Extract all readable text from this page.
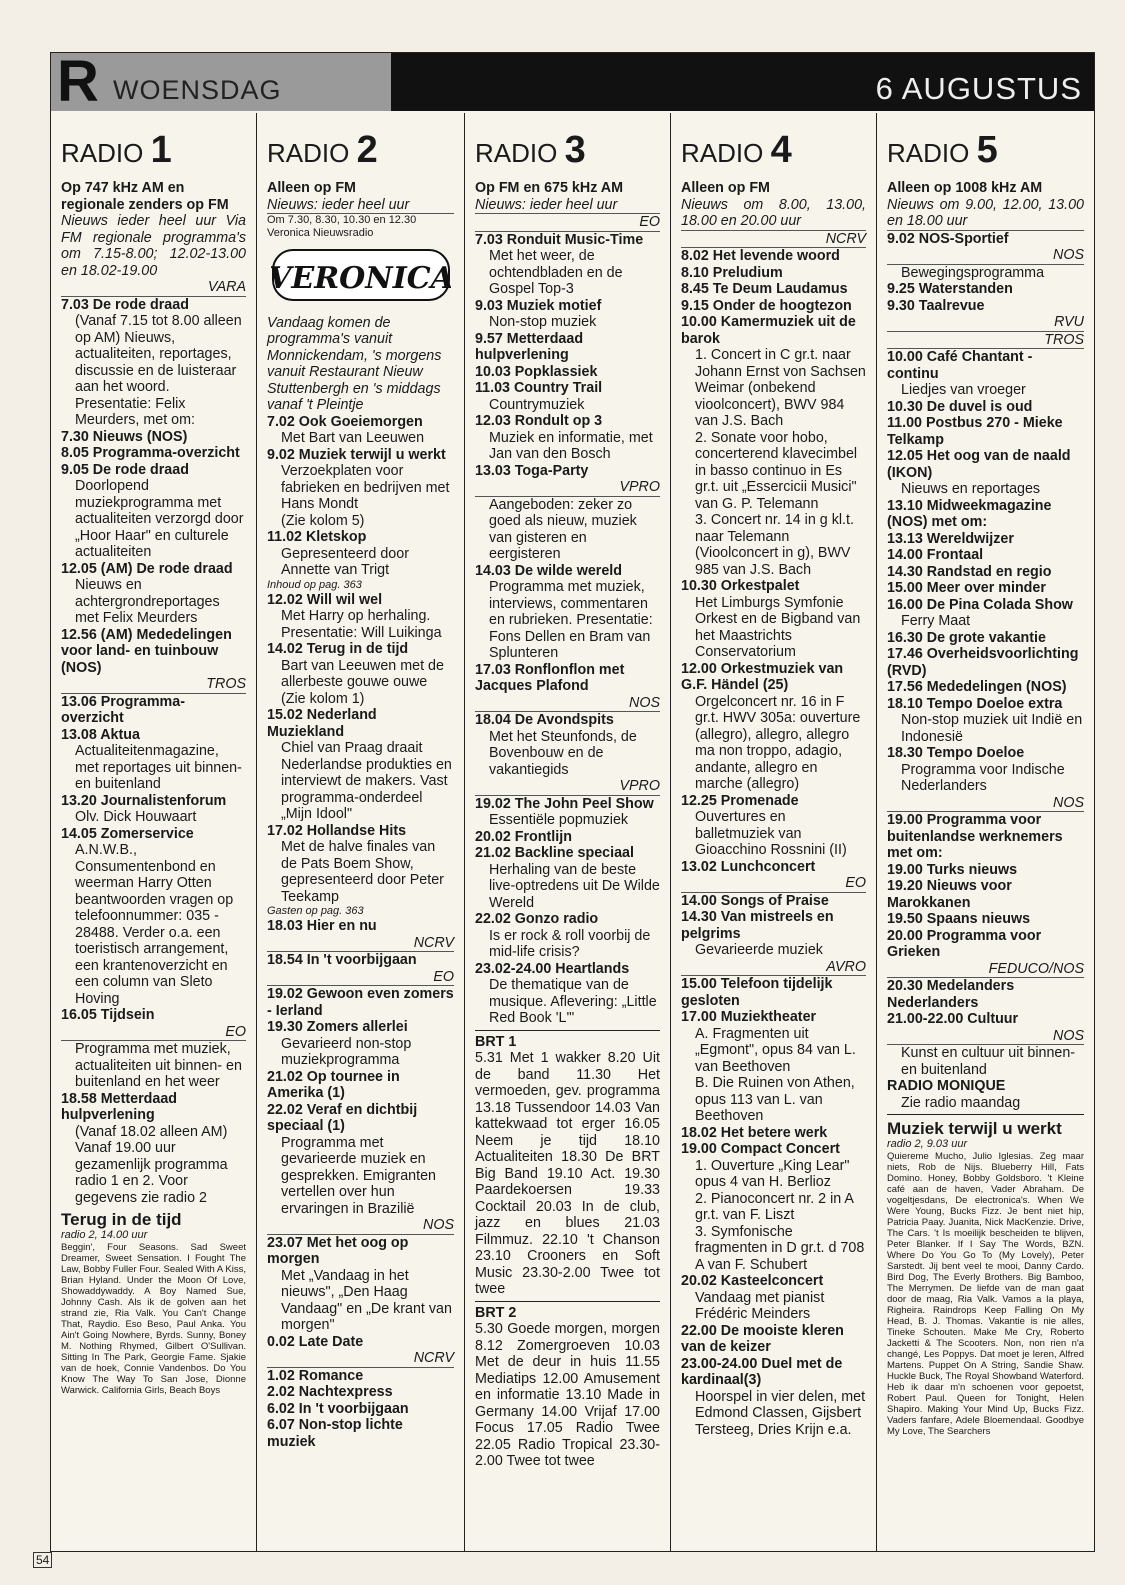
R WOENSDAG	6 AUGUSTUS
RADIO 1
Op 747 kHz AM en regionale zenders op FM
Nieuws ieder heel uur Via FM regionale programma's om 7.15-8.00; 12.02-13.00 en 18.02-19.00
VARA
7.03 De rode draad
(Vanaf 7.15 tot 8.00 alleen op AM) Nieuws, actualiteiten, reportages, discussie en de luisteraar aan het woord. Presentatie: Felix Meurders, met om:
7.30 Nieuws (NOS)
8.05 Programma-overzicht
9.05 De rode draad
Doorlopend muziekprogramma met actualiteiten verzorgd door „Hoor Haar" en culturele actualiteiten
12.05 (AM) De rode draad
Nieuws en achtergrondreportages met Felix Meurders
12.56 (AM) Mededelingen voor land- en tuinbouw (NOS)
TROS
13.06 Programma-overzicht
13.08 Aktua
Actualiteitenmagazine, met reportages uit binnen- en buitenland
13.20 Journalistenforum
Olv. Dick Houwaart
14.05 Zomerservice
A.N.W.B., Consumentenbond en weerman Harry Otten beantwoorden vragen op telefoonnummer: 035 - 28488. Verder o.a. een toeristisch arrangement, een krantenoverzicht en een column van Sleto Hoving
16.05 Tijdsein
EO
Programma met muziek, actualiteiten uit binnen- en buitenland en het weer
18.58 Metterdaad hulpverlening
(Vanaf 18.02 alleen AM)
Vanaf 19.00 uur gezamenlijk programma radio 1 en 2. Voor gegevens zie radio 2
Terug in de tijd
radio 2, 14.00 uur
Beggin', Four Seasons. Sad Sweet Dreamer, Sweet Sensation. I Fought The Law, Bobby Fuller Four. Sealed With A Kiss, Brian Hyland. Under the Moon Of Love, Showaddywaddy. A Boy Named Sue, Johnny Cash. Als ik de golven aan het strand zie, Ria Valk. You Can't Change That, Raydio. Eso Beso, Paul Anka. You Ain't Going Nowhere, Byrds. Sunny, Boney M. Nothing Rhymed, Gilbert O'Sullivan. Sitting In The Park, Georgie Fame. Sjakie van de hoek, Connie Vandenbos. Do You Know The Way To San Jose, Dionne Warwick. California Girls, Beach Boys
RADIO 2
Alleen op FM
Nieuws: ieder heel uur
Om 7.30, 8.30, 10.30 en 12.30 Veronica Nieuwsradio
VERONICA
Vandaag komen de programma's vanuit Monnickendam, 's morgens vanuit Restaurant Nieuw Stuttenbergh en 's middags vanaf 't Pleintje
7.02 Ook Goeiemorgen
Met Bart van Leeuwen
9.02 Muziek terwijl u werkt
Verzoekplaten voor fabrieken en bedrijven met Hans Mondt
(Zie kolom 5)
11.02 Kletskop
Gepresenteerd door Annette van Trigt
Inhoud op pag. 363
12.02 Will wil wel
Met Harry op herhaling. Presentatie: Will Luikinga
14.02 Terug in de tijd
Bart van Leeuwen met de allerbeste gouwe ouwe
(Zie kolom 1)
15.02 Nederland Muziekland
Chiel van Praag draait Nederlandse produkties en interviewt de makers. Vast programma-onderdeel „Mijn Idool"
17.02 Hollandse Hits
Met de halve finales van de Pats Boem Show, gepresenteerd door Peter Teekamp
Gasten op pag. 363
18.03 Hier en nu
NCRV
18.54 In 't voorbijgaan
EO
19.02 Gewoon even zomers - Ierland
19.30 Zomers allerlei
Gevarieerd non-stop muziekprogramma
21.02 Op tournee in Amerika (1)
22.02 Veraf en dichtbij speciaal (1)
Programma met gevarieerde muziek en gesprekken. Emigranten vertellen over hun ervaringen in Brazilië
NOS
23.07 Met het oog op morgen
Met „Vandaag in het nieuws", „Den Haag Vandaag" en „De krant van morgen"
0.02 Late Date
NCRV
1.02 Romance
2.02 Nachtexpress
6.02 In 't voorbijgaan
6.07 Non-stop lichte muziek
RADIO 3
Op FM en 675 kHz AM
Nieuws: ieder heel uur
EO
7.03 Ronduit Music-Time
Met het weer, de ochtendbladen en de Gospel Top-3
9.03 Muziek motief
Non-stop muziek
9.57 Metterdaad hulpverlening
10.03 Popklassiek
11.03 Country Trail
Countrymuziek
12.03 Rondult op 3
Muziek en informatie, met Jan van den Bosch
13.03 Toga-Party
VPRO
Aangeboden: zeker zo goed als nieuw, muziek van gisteren en eergisteren
14.03 De wilde wereld
Programma met muziek, interviews, commentaren en rubrieken. Presentatie: Fons Dellen en Bram van Splunteren
17.03 Ronflonflon met Jacques Plafond
NOS
18.04 De Avondspits
Met het Steunfonds, de Bovenbouw en de vakantiegids
VPRO
19.02 The John Peel Show
Essentiële popmuziek
20.02 Frontlijn
21.02 Backline speciaal
Herhaling van de beste live-optredens uit De Wilde Wereld
22.02 Gonzo radio
Is er rock & roll voorbij de mid-life crisis?
23.02-24.00 Heartlands
De thematique van de musique. Aflevering: „Little Red Book 'L'"
BRT 1
5.31 Met 1 wakker 8.20 Uit de band 11.30 Het vermoeden, gev. programma 13.18 Tussendoor 14.03 Van kattekwaad tot erger 16.05 Neem je tijd 18.10 Actualiteiten 18.30 De BRT Big Band 19.10 Act. 19.30 Paardekoersen 19.33 Cocktail 20.03 In de club, jazz en blues 21.03 Filmmuz. 22.10 't Chanson 23.10 Crooners en Soft Music 23.30-2.00 Twee tot twee
BRT 2
5.30 Goede morgen, morgen 8.12 Zomergroeven 10.03 Met de deur in huis 11.55 Mediatips 12.00 Amusement en informatie 13.10 Made in Germany 14.00 Vrijaf 17.00 Focus 17.05 Radio Twee 22.05 Radio Tropical 23.30-2.00 Twee tot twee
RADIO 4
Alleen op FM
Nieuws om 8.00, 13.00, 18.00 en 20.00 uur
NCRV
8.02 Het levende woord
8.10 Preludium
8.45 Te Deum Laudamus
9.15 Onder de hoogtezon
10.00 Kamermuziek uit de barok
1. Concert in C gr.t. naar Johann Ernst von Sachsen Weimar (onbekend vioolconcert), BWV 984 van J.S. Bach
2. Sonate voor hobo, concerterend klavecimbel in basso continuo in Es gr.t. uit „Essercicii Musici" van G. P. Telemann
3. Concert nr. 14 in g kl.t. naar Telemann (Vioolconcert in g), BWV 985 van J.S. Bach
10.30 Orkestpalet
Het Limburgs Symfonie Orkest en de Bigband van het Maastrichts Conservatorium
12.00 Orkestmuziek van G.F. Händel (25)
Orgelconcert nr. 16 in F gr.t. HWV 305a: ouverture (allegro), allegro, allegro ma non troppo, adagio, andante, allegro en marche (allegro)
12.25 Promenade
Ouvertures en balletmuziek van Gioacchino Rossnini (II)
13.02 Lunchconcert
EO
14.00 Songs of Praise
14.30 Van mistreels en pelgrims
Gevarieerde muziek
AVRO
15.00 Telefoon tijdelijk gesloten
17.00 Muziektheater
A. Fragmenten uit „Egmont", opus 84 van L. van Beethoven
B. Die Ruinen von Athen, opus 113 van L. van Beethoven
18.02 Het betere werk
19.00 Compact Concert
1. Ouverture „King Lear" opus 4 van H. Berlioz
2. Pianoconcert nr. 2 in A gr.t. van F. Liszt
3. Symfonische fragmenten in D gr.t. d 708 A van F. Schubert
20.02 Kasteelconcert
Vandaag met pianist Frédéric Meinders
22.00 De mooiste kleren van de keizer
23.00-24.00 Duel met de kardinaal(3)
Hoorspel in vier delen, met Edmond Classen, Gijsbert Tersteeg, Dries Krijn e.a.
RADIO 5
Alleen op 1008 kHz AM
Nieuws om 9.00, 12.00, 13.00 en 18.00 uur
9.02 NOS-Sportief
NOS
Bewegingsprogramma
9.25 Waterstanden
9.30 Taalrevue
RVU
TROS
10.00 Café Chantant - continu
Liedjes van vroeger
10.30 De duvel is oud
11.00 Postbus 270 - Mieke Telkamp
12.05 Het oog van de naald (IKON)
Nieuws en reportages
13.10 Midweekmagazine (NOS) met om:
13.13 Wereldwijzer
14.00 Frontaal
14.30 Randstad en regio
15.00 Meer over minder
16.00 De Pina Colada Show
Ferry Maat
16.30 De grote vakantie
17.46 Overheidsvoorlichting (RVD)
17.56 Mededelingen (NOS)
18.10 Tempo Doeloe extra
Non-stop muziek uit Indië en Indonesië
18.30 Tempo Doeloe
Programma voor Indische Nederlanders
NOS
19.00 Programma voor buitenlandse werknemers met om:
19.00 Turks nieuws
19.20 Nieuws voor Marokkanen
19.50 Spaans nieuws
20.00 Programma voor Grieken
FEDUCO/NOS
20.30 Medelanders Nederlanders
21.00-22.00 Cultuur
NOS
Kunst en cultuur uit binnen- en buitenland
RADIO MONIQUE
Zie radio maandag
Muziek terwijl u werkt
radio 2, 9.03 uur
Quiereme Mucho, Julio Iglesias. Zeg maar niets, Rob de Nijs. Blueberry Hill, Fats Domino. Honey, Bobby Goldsboro. 't Kleine café aan de haven, Vader Abraham. De vogeltjesdans, De electronica's. When We Were Young, Bucks Fizz. Je bent niet hip, Patricia Paay. Juanita, Nick MacKenzie. Drive, The Cars. 't Is moeilijk bescheiden te blijven, Peter Blanker. If I Say The Words, BZN. Where Do You Go To (My Lovely), Peter Sarstedt. Jij bent veel te mooi, Danny Cardo. Bird Dog, The Everly Brothers. Big Bamboo, The Merrymen. De liefde van de man gaat door de maag, Ria Valk. Vamos a la playa, Righeira. Raindrops Keep Falling On My Head, B. J. Thomas. Vakantie is nie alles, Tineke Schouten. Make Me Cry, Roberto Jacketti & The Scooters. Non, non rien n'a changé, Les Poppys. Dat moet je leren, Alfred Martens. Puppet On A String, Sandie Shaw. Huckle Buck, The Royal Showband Waterford. Heb ik daar m'n schoenen voor gepoetst, Robert Paul. Queen for Tonight, Helen Shapiro. Making Your Mind Up, Bucks Fizz. Vaders fanfare, Adele Bloemendaal. Goodbye My Love, The Searchers
54
